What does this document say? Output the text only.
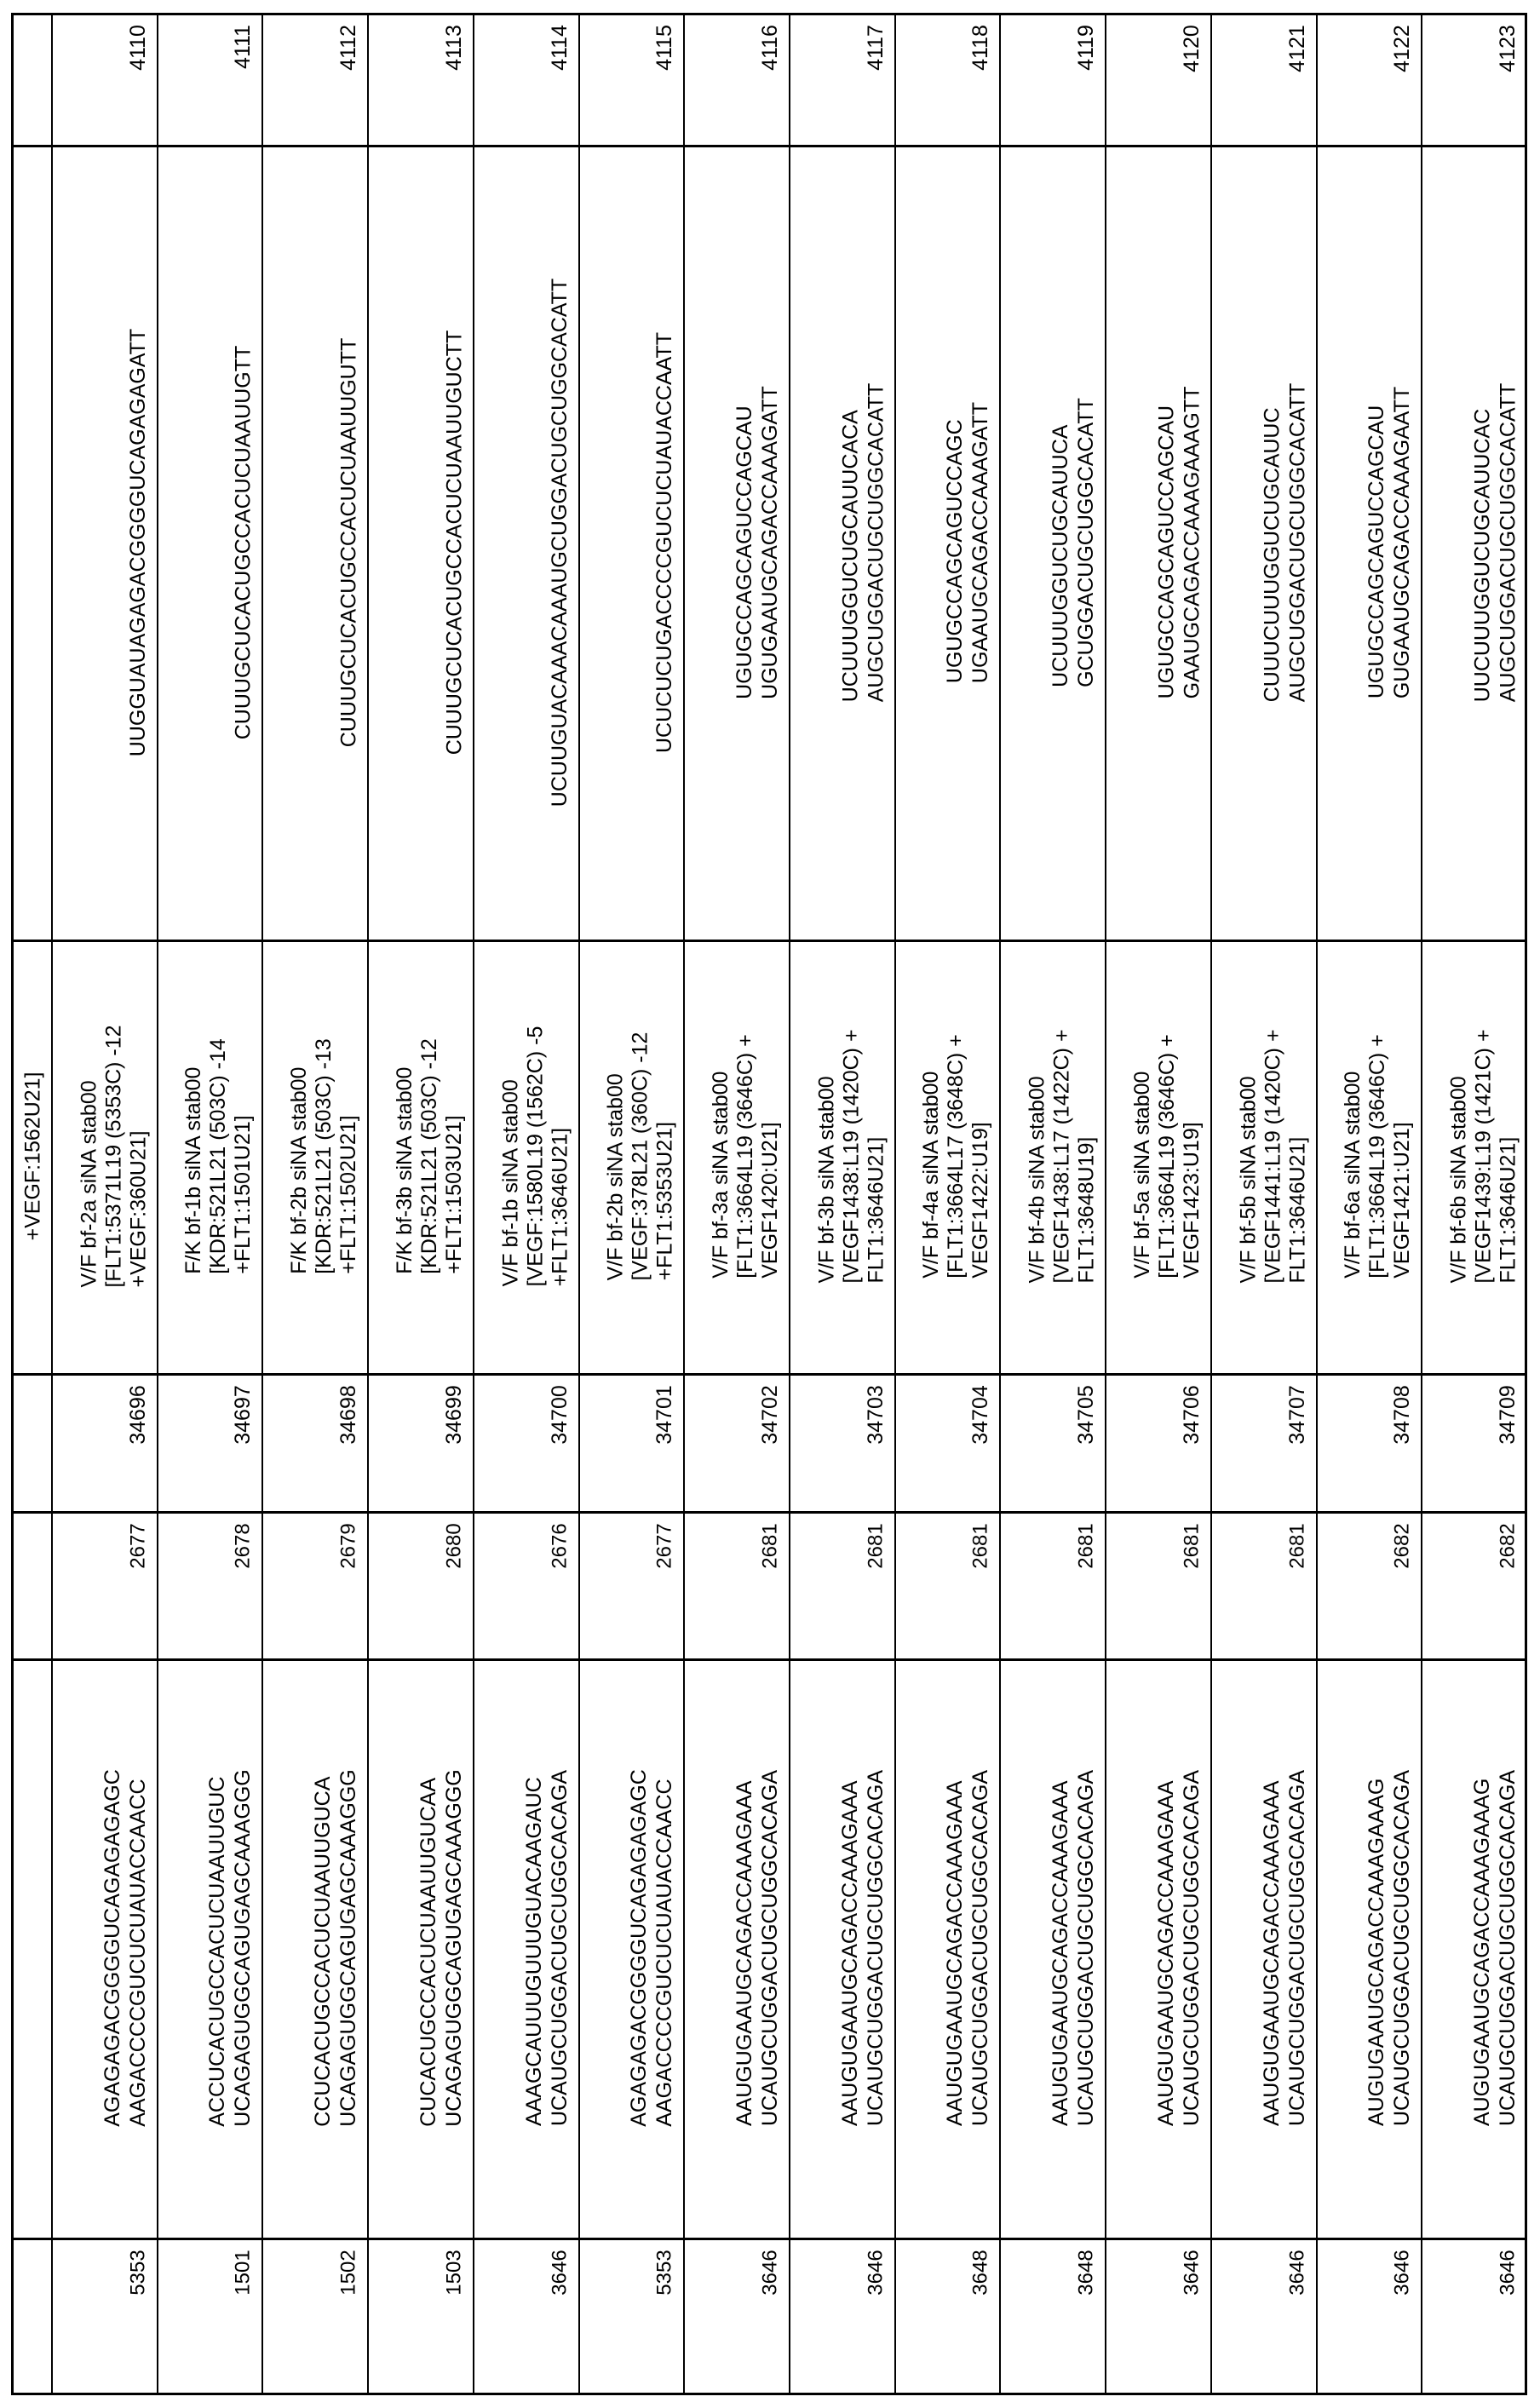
+VEGF:1562U21]
4110
UUGGUAUAGAGACGGGGUCAGAGAGATT
V/F bf-2a siNA stab00
[FLT1:5371L19 (5353C) -12
+VEGF:360U21]
34696
2677
AGAGAGACGGGGUCAGAGAGAGC
AAGACCCCGUCUCUAUACCAACC
5353
4111
CUUUGCUCACUGCCACUCUAAUUGTT
F/K bf-1b siNA stab00
[KDR:521L21 (503C) -14
+FLT1:1501U21]
34697
2678
ACCUCACUGCCACUCUAAUUGUC
UCAGAGUGGCAGUGAGCAAAGGG
1501
4112
CUUUGCUCACUGCCACUCUAAUUGUTT
F/K bf-2b siNA stab00
[KDR:521L21 (503C) -13
+FLT1:1502U21]
34698
2679
CCUCACUGCCACUCUAAUUGUCA
UCAGAGUGGCAGUGAGCAAAGGG
1502
4113
CUUUGCUCACUGCCACUCUAAUUGUCTT
F/K bf-3b siNA stab00
[KDR:521L21 (503C) -12
+FLT1:1503U21]
34699
2680
CUCACUGCCACUCUAAUUGUCAA
UCAGAGUGGCAGUGAGCAAAGGG
1503
4114
UCUUGUACAAACAAAUGCUGGACUGCUGGCACATT
V/F bf-1b siNA stab00
[VEGF:1580L19 (1562C) -5
+FLT1:3646U21]
34700
2676
AAAGCAUUUGUUUGUACAAGAUC
UCAUGCUGGACUGCUGGCACAGA
3646
4115
UCUCUCUGACCCCGUCUCUAUACCAATT
V/F bf-2b siNA stab00
[VEGF:378L21 (360C) -12
+FLT1:5353U21]
34701
2677
AGAGAGACGGGGUCAGAGAGAGC
AAGACCCCGUCUCUAUACCAACC
5353
4116
UGUGCCAGCAGUCCAGCAU
UGUGAAUGCAGACCAAAGATT
V/F bf-3a siNA stab00
[FLT1:3664L19 (3646C) +
VEGF1420:U21]
34702
2681
AAUGUGAAUGCAGACCAAAGAAA
UCAUGCUGGACUGCUGGCACAGA
3646
4117
UCUUUGGUCUGCAUUCACA
AUGCUGGACUGCUGGCACATT
V/F bf-3b siNA stab00
[VEGF1438:L19 (1420C) +
FLT1:3646U21]
34703
2681
AAUGUGAAUGCAGACCAAAGAAA
UCAUGCUGGACUGCUGGCACAGA
3646
4118
UGUGCCAGCAGUCCAGC
UGAAUGCAGACCAAAGATT
V/F bf-4a siNA stab00
[FLT1:3664L17 (3648C) +
VEGF1422:U19]
34704
2681
AAUGUGAAUGCAGACCAAAGAAA
UCAUGCUGGACUGCUGGCACAGA
3648
4119
UCUUUGGUCUGCAUUCA
GCUGGACUGCUGGCACATT
V/F bf-4b siNA stab00
[VEGF1438:L17 (1422C) +
FLT1:3648U19]
34705
2681
AAUGUGAAUGCAGACCAAAGAAA
UCAUGCUGGACUGCUGGCACAGA
3648
4120
UGUGCCAGCAGUCCAGCAU
GAAUGCAGACCAAAGAAAGTT
V/F bf-5a siNA stab00
[FLT1:3664L19 (3646C) +
VEGF1423:U19]
34706
2681
AAUGUGAAUGCAGACCAAAGAAA
UCAUGCUGGACUGCUGGCACAGA
3646
4121
CUUUCUUUGGUCUGCAUUC
AUGCUGGACUGCUGGCACATT
V/F bf-5b siNA stab00
[VEGF1441:L19 (1420C) +
FLT1:3646U21]
34707
2681
AAUGUGAAUGCAGACCAAAGAAA
UCAUGCUGGACUGCUGGCACAGA
3646
4122
UGUGCCAGCAGUCCAGCAU
GUGAAUGCAGACCAAAGAATT
V/F bf-6a siNA stab00
[FLT1:3664L19 (3646C) +
VEGF1421:U21]
34708
2682
AUGUGAAUGCAGACCAAAGAAAG
UCAUGCUGGACUGCUGGCACAGA
3646
4123
UUCUUUGGUCUGCAUUCAC
AUGCUGGACUGCUGGCACATT
V/F bf-6b siNA stab00
[VEGF1439:L19 (1421C) +
FLT1:3646U21]
34709
2682
AUGUGAAUGCAGACCAAAGAAAG
UCAUGCUGGACUGCUGGCACAGA
3646
